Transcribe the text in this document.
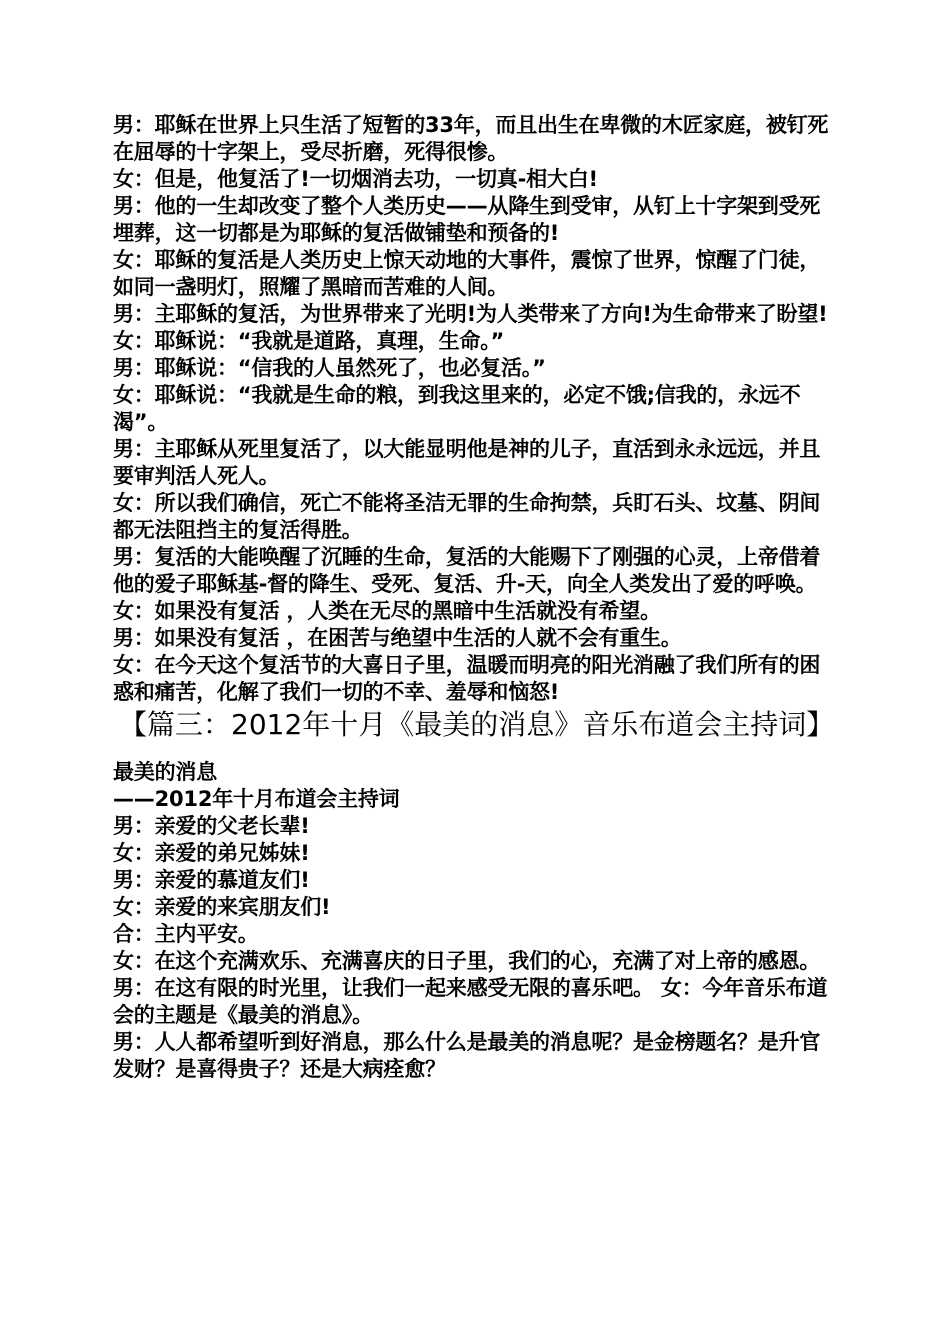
男：耶稣在世界上只生活了短暂的33年，而且出生在卑微的木匠家庭，被钉死在屈辱的十字架上，受尽折磨，死得很惨。

女：但是，他复活了!一切烟消去功，一切真-相大白!

男：他的一生却改变了整个人类历史——从降生到受审，从钉上十字架到受死埋葬，这一切都是为耶稣的复活做铺垫和预备的!

女：耶稣的复活是人类历史上惊天动地的大事件，震惊了世界，惊醒了门徒，如同一盏明灯，照耀了黑暗而苦难的人间。

男：主耶稣的复活，为世界带来了光明!为人类带来了方向!为生命带来了盼望!

女：耶稣说：“我就是道路，真理，生命。”

男：耶稣说：“信我的人虽然死了，也必复活。”

女：耶稣说：“我就是生命的粮，到我这里来的，必定不饿;信我的，永远不渴”。

男：主耶稣从死里复活了，以大能显明他是神的儿子，直活到永永远远，并且要审判活人死人。

女：所以我们确信，死亡不能将圣洁无罪的生命拘禁，兵盯石头、坟墓、阴间都无法阻挡主的复活得胜。

男：复活的大能唤醒了沉睡的生命，复活的大能赐下了刚强的心灵，上帝借着他的爱子耶稣基-督的降生、受死、复活、升-天，向全人类发出了爱的呼唤。

女：如果没有复活 ，人类在无尽的黑暗中生活就没有希望。

男：如果没有复活 ，在困苦与绝望中生活的人就不会有重生。

女：在今天这个复活节的大喜日子里，温暖而明亮的阳光消融了我们所有的困惑和痛苦，化解了我们一切的不幸、羞辱和恼怒!

【篇三：2012年十月《最美的消息》音乐布道会主持词】

最美的消息

——2012年十月布道会主持词

男：亲爱的父老长辈!

女：亲爱的弟兄姊妹!

男：亲爱的慕道友们!

女：亲爱的来宾朋友们!

合：主内平安。

女：在这个充满欢乐、充满喜庆的日子里，我们的心，充满了对上帝的感恩。

男：在这有限的时光里，让我们一起来感受无限的喜乐吧。 女：今年音乐布道会的主题是《最美的消息》。

男：人人都希望听到好消息，那么什么是最美的消息呢？是金榜题名？是升官发财？是喜得贵子？还是大病痊愈？
